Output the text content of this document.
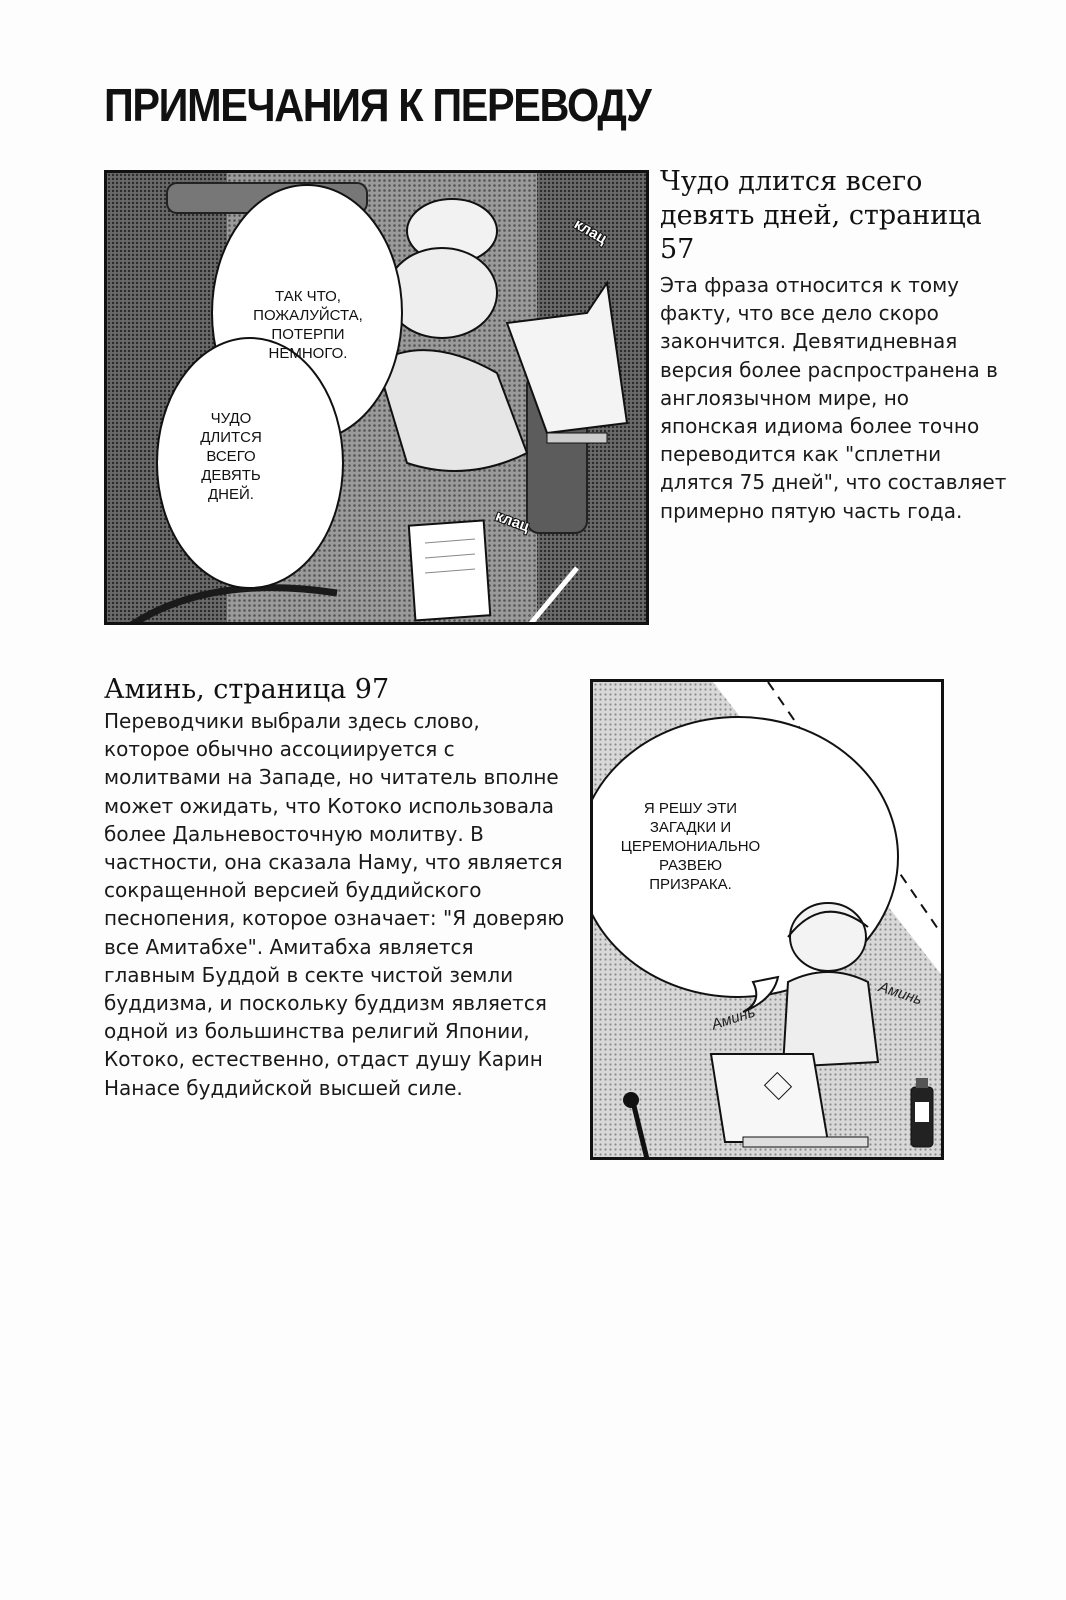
ПРИМЕЧАНИЯ К ПЕРЕВОДУ
ТАК ЧТО, ПОЖАЛУЙСТА, ПОТЕРПИ НЕМНОГО.
ЧУДО ДЛИТСЯ ВСЕГО ДЕВЯТЬ ДНЕЙ.
клац
клац
Чудо длится всего девять дней, страница 57

Эта фраза относится к тому факту, что все дело скоро закончится. Девятидневная версия более распространена в англоязычном мире, но японская идиома более точно переводится как "сплетни длятся 75 дней", что составляет примерно пятую часть года.

Аминь, страница 97

Переводчики выбрали здесь слово, которое обычно ассоциируется с молитвами на Западе, но читатель вполне может ожидать, что Котоко использовала более Дальневосточную молитву. В частности, она сказала Наму, что является сокращенной версией буддийского песнопения, которое означает: "Я доверяю все Амитабхе". Амитабха является главным Буддой в секте чистой земли буддизма, и поскольку буддизм является одной из большинства религий Японии, Котоко, естественно, отдаст душу Карин Нанасе буддийской высшей силе.

Я РЕШУ ЭТИ ЗАГАДКИ И ЦЕРЕМОНИАЛЬНО РАЗВЕЮ ПРИЗРАКА.
Аминь
Аминь
